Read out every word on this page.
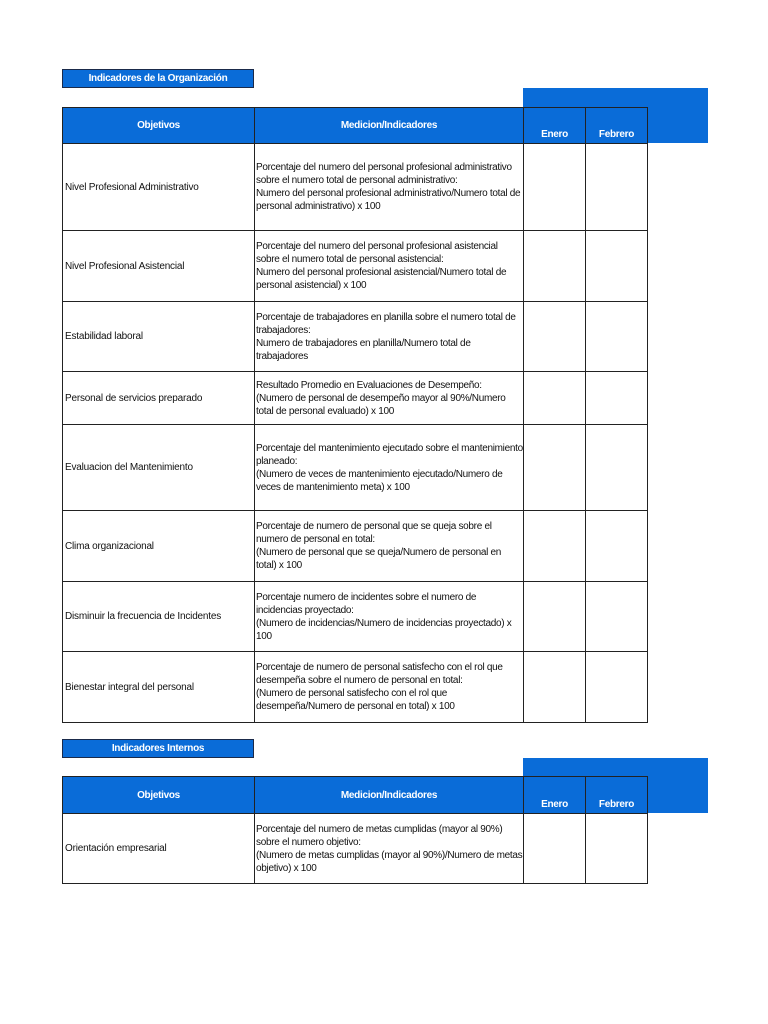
Indicadores de la Organización
Objetivos	Medicion/Indicadores	Enero	Febrero
Nivel Profesional Administrativo	Porcentaje del numero del personal profesional administrativo sobre el numero total de personal administrativo:
Numero del personal profesional administrativo/Numero total de personal administrativo) x 100		
Nivel Profesional Asistencial	Porcentaje del numero del personal profesional asistencial sobre el numero total de personal asistencial:
Numero del personal profesional asistencial/Numero total de personal asistencial) x 100		
Estabilidad laboral	Porcentaje de trabajadores en planilla sobre el numero total de trabajadores:
Numero de trabajadores en planilla/Numero total de trabajadores		
Personal de servicios preparado	Resultado Promedio en Evaluaciones de Desempeño:
(Numero de personal de desempeño mayor al 90%/Numero total de personal evaluado) x 100		
Evaluacion del Mantenimiento	Porcentaje del mantenimiento ejecutado sobre el mantenimiento planeado:
(Numero de veces de mantenimiento ejecutado/Numero de veces de mantenimiento meta) x 100		
Clima organizacional	Porcentaje de numero de personal que se queja sobre el numero de personal en total:
(Numero de personal que se queja/Numero de personal en total) x 100		
Disminuir la frecuencia de Incidentes	Porcentaje numero de incidentes sobre el numero de incidencias proyectado:
(Numero de incidencias/Numero de incidencias proyectado) x 100		
Bienestar integral del personal	Porcentaje de numero de personal satisfecho con el rol que desempeña sobre el numero de personal en total:
(Numero de personal satisfecho con el rol que desempeña/Numero de personal en total) x 100		
Indicadores Internos
Objetivos	Medicion/Indicadores	Enero	Febrero
Orientación empresarial	Porcentaje del numero de metas cumplidas (mayor al 90%) sobre el numero objetivo:
(Numero de metas cumplidas (mayor al 90%)/Numero de metas objetivo) x 100		
